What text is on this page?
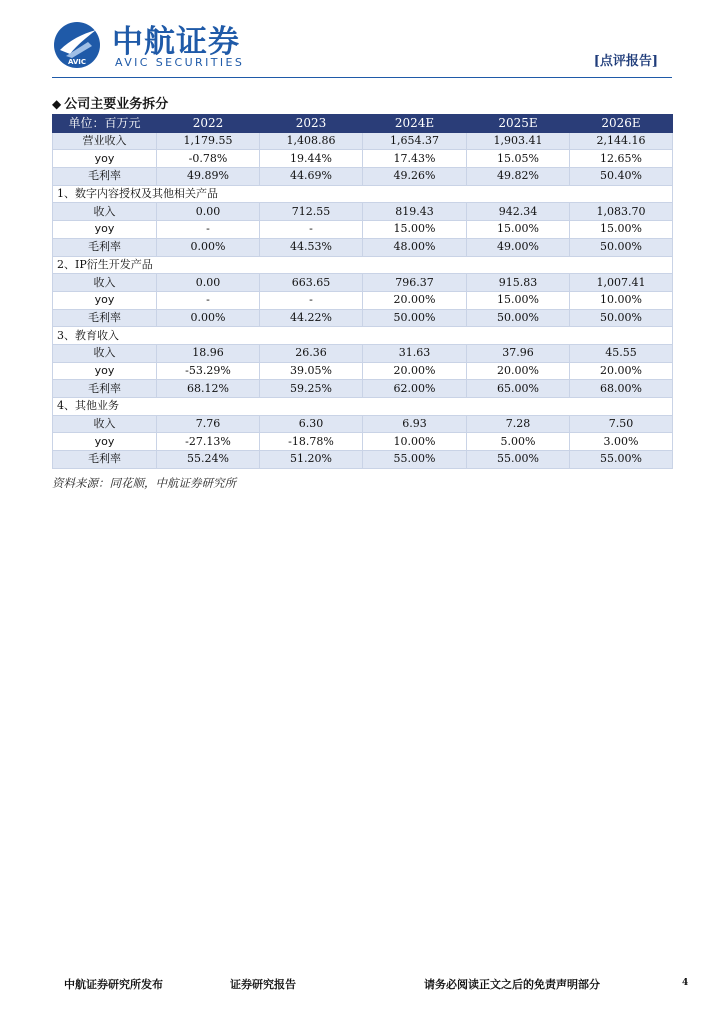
AVIC
中航证券
AVIC SECURITIES	[点评报告]
◆ 公司主要业务拆分
单位：百万元	2022	2023	2024E	2025E	2026E
营业收入	1,179.55	1,408.86	1,654.37	1,903.41	2,144.16
yoy	-0.78%	19.44%	17.43%	15.05%	12.65%
毛利率	49.89%	44.69%	49.26%	49.82%	50.40%
1、数字内容授权及其他相关产品					
收入	0.00	712.55	819.43	942.34	1,083.70
yoy	-	-	15.00%	15.00%	15.00%
毛利率	0.00%	44.53%	48.00%	49.00%	50.00%
2、IP衍生开发产品					
收入	0.00	663.65	796.37	915.83	1,007.41
yoy	-	-	20.00%	15.00%	10.00%
毛利率	0.00%	44.22%	50.00%	50.00%	50.00%
3、教育收入					
收入	18.96	26.36	31.63	37.96	45.55
yoy	-53.29%	39.05%	20.00%	20.00%	20.00%
毛利率	68.12%	59.25%	62.00%	65.00%	68.00%
4、其他业务					
收入	7.76	6.30	6.93	7.28	7.50
yoy	-27.13%	-18.78%	10.00%	5.00%	3.00%
毛利率	55.24%	51.20%	55.00%	55.00%	55.00%
资料来源：同花顺，中航证券研究所
中航证券研究所发布	证券研究报告	请务必阅读正文之后的免责声明部分	4
